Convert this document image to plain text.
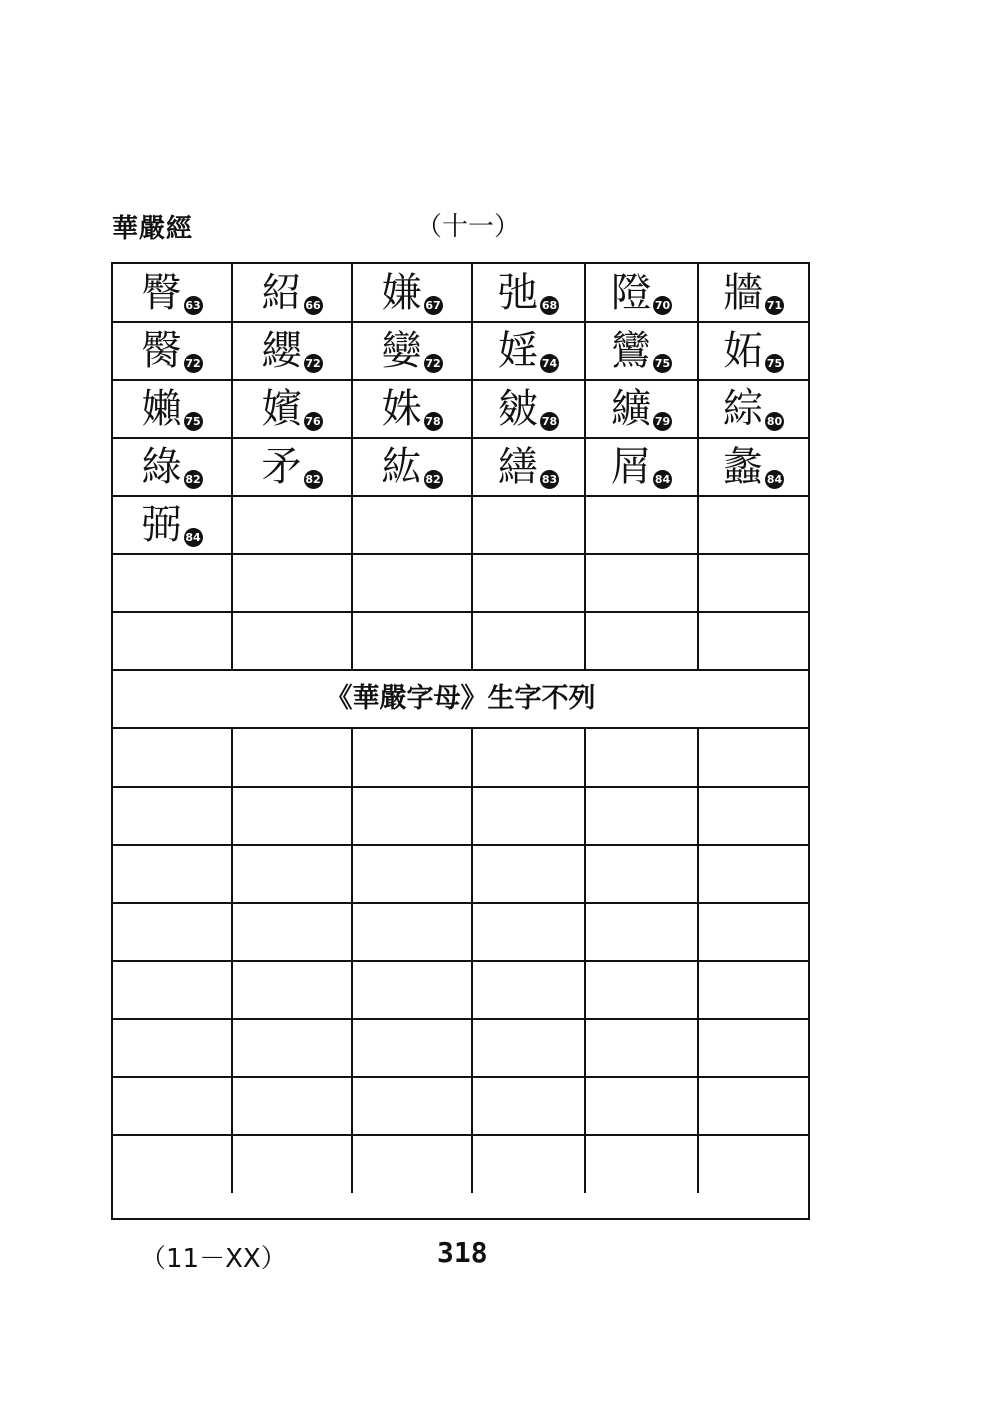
華嚴經	（十一）
臀 63	紹 66	嫌 67	弛 68	隥 70	牆 71
臋 72	纓 72	孌 72	婬 74	鸞 75	妬 75
嬾 75	嬪 76	姝 78	皴 78	纊 79	綜 80
綠 82	矛 82	紘 82	繕 83	屑 84	蠡 84
弼 84					

《華嚴字母》生字不列

（11－XX）	318
